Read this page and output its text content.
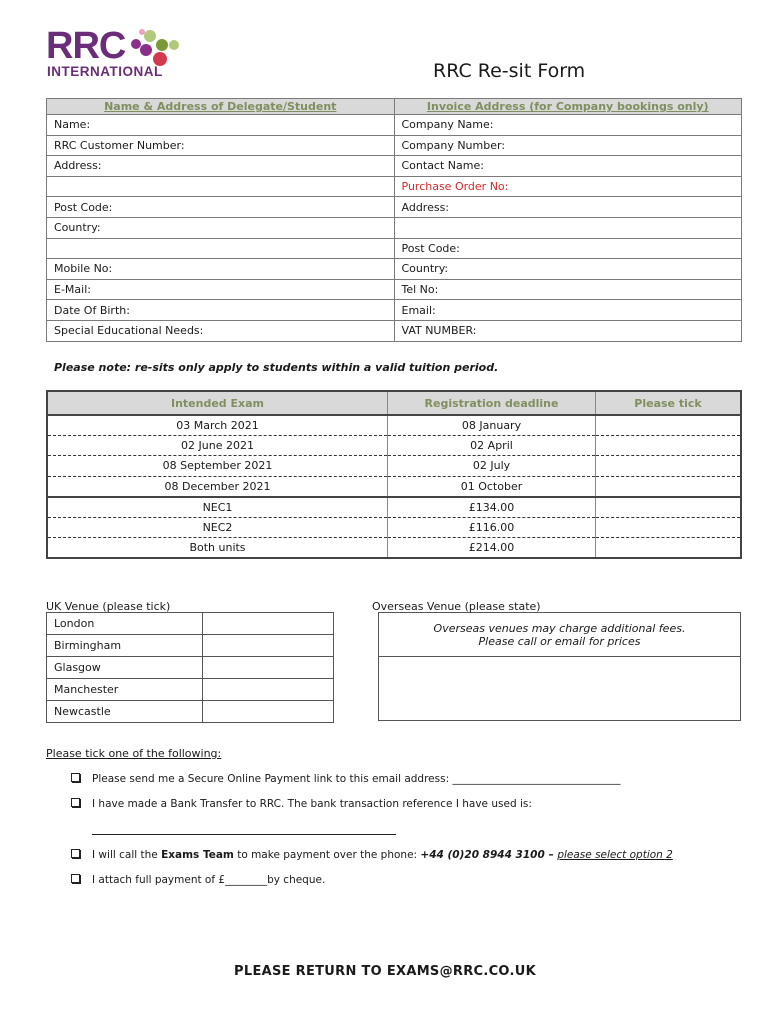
RRC
INTERNATIONAL	RRC Re-sit Form
Name & Address of Delegate/Student	Invoice Address (for Company bookings only)
Name:	Company Name:
RRC Customer Number:	Company Number:
Address:	Contact Name:
	Purchase Order No:
Post Code:	Address:
Country:	
	Post Code:
Mobile No:	Country:
E-Mail:	Tel No:
Date Of Birth:	Email:
Special Educational Needs:	VAT NUMBER:
Please note: re-sits only apply to students within a valid tuition period.
Intended Exam	Registration deadline	Please tick
03 March 2021	08 January	
02 June 2021	02 April	
08 September 2021	02 July	
08 December 2021	01 October	
NEC1	£134.00	
NEC2	£116.00	
Both units	£214.00	
UK Venue (please tick)	Overseas Venue (please state)
London	
Birmingham	
Glasgow	
Manchester	
Newcastle	
Overseas venues may charge additional fees.
Please call or email for prices
Please tick one of the following:
Please send me a Secure Online Payment link to this email address: ________________________________
I have made a Bank Transfer to RRC. The bank transaction reference I have used is:
I will call the Exams Team to make payment over the phone: +44 (0)20 8944 3100 – please select option 2
I attach full payment of £________by cheque.
PLEASE RETURN TO EXAMS@RRC.CO.UK
